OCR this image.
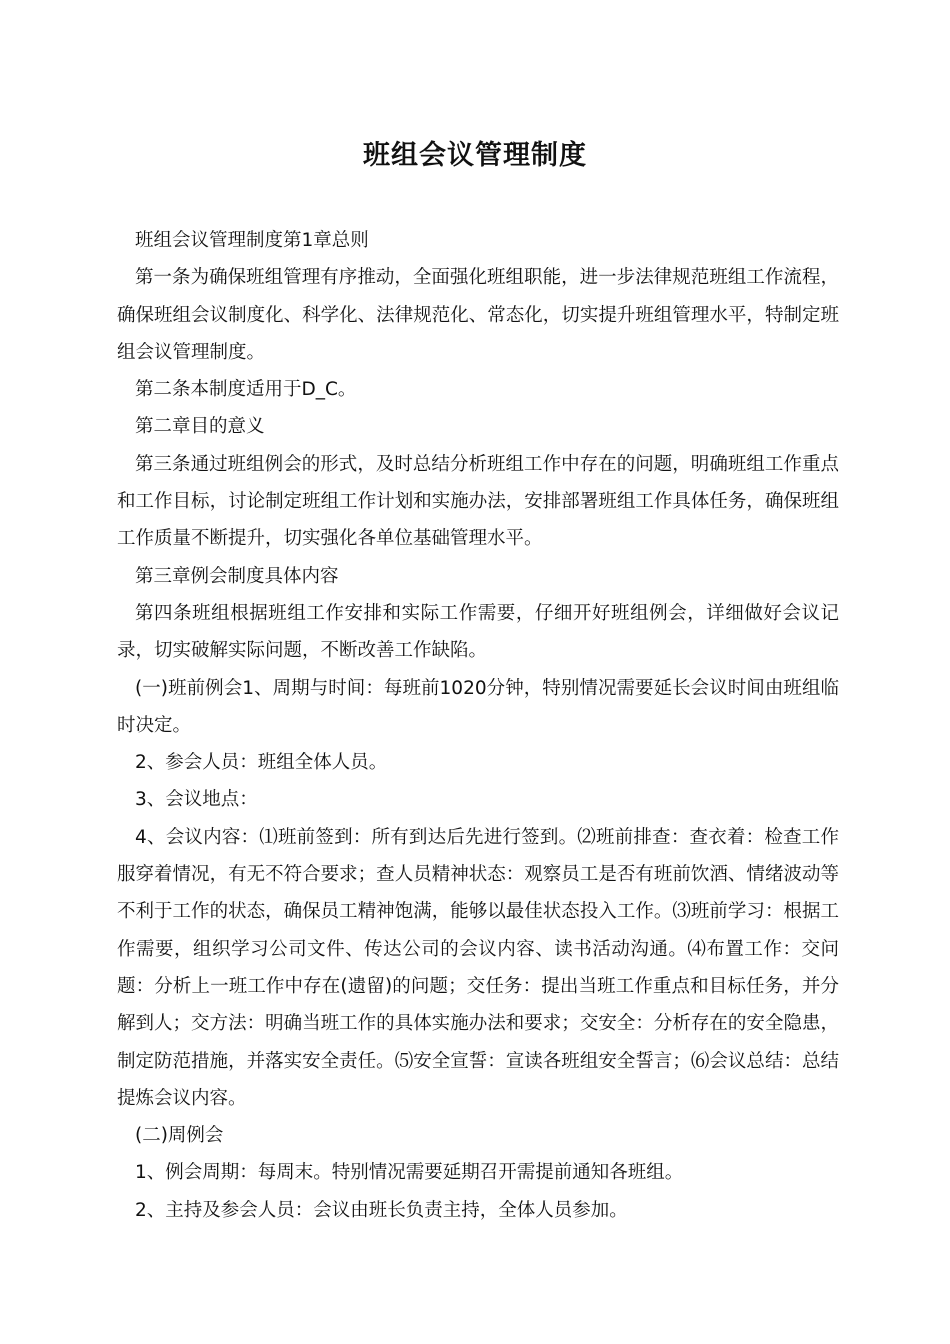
班组会议管理制度

班组会议管理制度第1章总则

第一条为确保班组管理有序推动，全面强化班组职能，进一步法律规范班组工作流程，确保班组会议制度化、科学化、法律规范化、常态化，切实提升班组管理水平，特制定班组会议管理制度。

第二条本制度适用于D_C。

第二章目的意义

第三条通过班组例会的形式，及时总结分析班组工作中存在的问题，明确班组工作重点和工作目标，讨论制定班组工作计划和实施办法，安排部署班组工作具体任务，确保班组工作质量不断提升，切实强化各单位基础管理水平。

第三章例会制度具体内容

第四条班组根据班组工作安排和实际工作需要，仔细开好班组例会，详细做好会议记录，切实破解实际问题，不断改善工作缺陷。

(一)班前例会1、周期与时间：每班前1020分钟，特别情况需要延长会议时间由班组临时决定。

2、参会人员：班组全体人员。

3、会议地点：

4、会议内容：⑴班前签到：所有到达后先进行签到。⑵班前排查：查衣着：检查工作服穿着情况，有无不符合要求；查人员精神状态：观察员工是否有班前饮酒、情绪波动等不利于工作的状态，确保员工精神饱满，能够以最佳状态投入工作。⑶班前学习：根据工作需要，组织学习公司文件、传达公司的会议内容、读书活动沟通。⑷布置工作：交问题：分析上一班工作中存在(遗留)的问题；交任务：提出当班工作重点和目标任务，并分解到人；交方法：明确当班工作的具体实施办法和要求；交安全：分析存在的安全隐患，制定防范措施，并落实安全责任。⑸安全宣誓：宣读各班组安全誓言；⑹会议总结：总结提炼会议内容。

(二)周例会

1、例会周期：每周末。特别情况需要延期召开需提前通知各班组。

2、主持及参会人员：会议由班长负责主持，全体人员参加。
